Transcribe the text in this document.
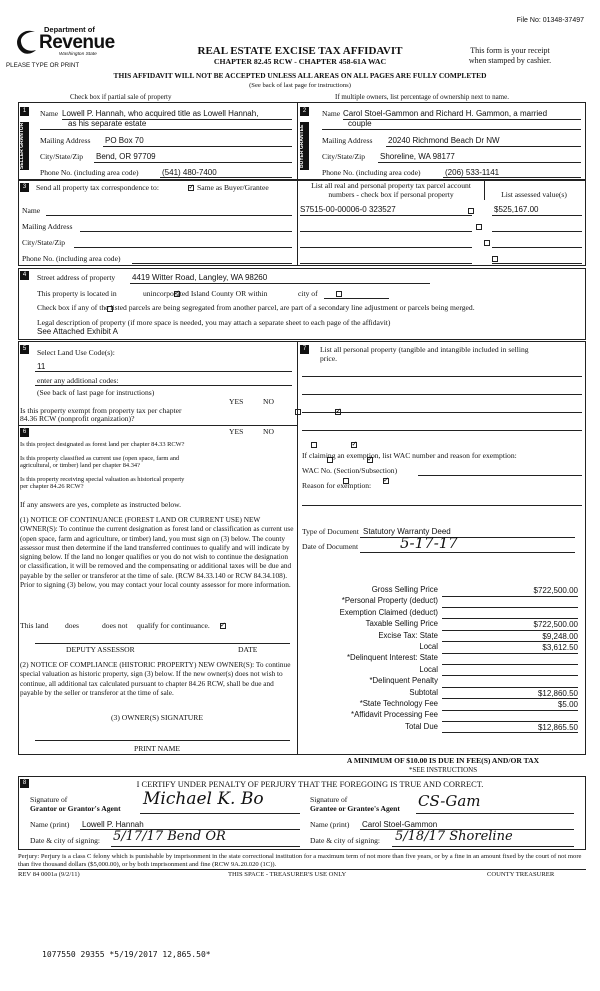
File No: 01348-37497
Department of
Revenue
Washington State
PLEASE TYPE OR PRINT
REAL ESTATE EXCISE TAX AFFIDAVIT
CHAPTER 82.45 RCW - CHAPTER 458-61A WAC
This form is your receipt
when stamped by cashier.
THIS AFFIDAVIT WILL NOT BE ACCEPTED UNLESS ALL AREAS ON ALL PAGES ARE FULLY COMPLETED
(See back of last page for instructions)
Check box if partial sale of property	If multiple owners, list percentage of ownership next to name.
1
SELLER GRANTOR
Name Lowell P. Hannah, who acquired title as Lowell Hannah,
as his separate estate
Mailing Address PO Box 70
City/State/Zip Bend, OR 97709
Phone No. (including area code)	(541) 480-7400
2
BUYER GRANTEE
Name Carol Stoel-Gammon and Richard H. Gammon, a married
couple
Mailing Address 20240 Richmond Beach Dr NW
City/State/Zip Shoreline, WA 98177
Phone No. (including area code)	(206) 533-1141
3	Send all property tax correspondence to: ✓	Same as Buyer/Grantee
Name
Mailing Address
City/State/Zip
Phone No. (including area code)
List all real and personal property tax parcel account
numbers - check box if personal property	List assessed value(s)
S7515-00-00006-0 323527
	$525,167.00

4	Street address of property 4419 Witter Road, Langley, WA 98260
This property is located in ✓	unincorporated Island County OR within
	city of

Check box if any of the listed parcels are being segregated from another parcel, are part of a secondary line adjustment or parcels being merged.
Legal description of property (if more space is needed, you may attach a separate sheet to each page of the affidavit)
See Attached Exhibit A
5	Select Land Use Code(s):
11
enter any additional codes:
(See back of last page for instructions)
YES	NO
Is this property exempt from property tax per chapter
84.36 RCW (nonprofit organization)?
✓
6	YES	NO
Is this project designated as forest land per chapter 84.33 RCW?
✓
Is this property classified as current use (open space, farm and
agricultural, or timber) land per chapter 84.34?
✓
Is this property receiving special valuation as historical property
per chapter 84.26 RCW?
✓
If any answers are yes, complete as instructed below.
(1) NOTICE OF CONTINUANCE (FOREST LAND OR CURRENT USE) NEW OWNER(S): To continue the current designation as forest land or classification as current use (open space, farm and agriculture, or timber) land, you must sign on (3) below. The county assessor must then determine if the land transferred continues to qualify and will indicate by signing below. If the land no longer qualifies or you do not wish to continue the designation or classification, it will be removed and the compensating or additional taxes will be due and payable by the seller or transferor at the time of sale. (RCW 84.33.140 or RCW 84.34.108). Prior to signing (3) below, you may contact your local county assessor for more information.
This land does ✓	does not qualify for continuance.
DEPUTY ASSESSOR	DATE
(2) NOTICE OF COMPLIANCE (HISTORIC PROPERTY) NEW OWNER(S): To continue special valuation as historic property, sign (3) below. If the new owner(s) does not wish to continue, all additional tax calculated pursuant to chapter 84.26 RCW, shall be due and payable by the seller or transferor at the time of sale.
(3) OWNER(S) SIGNATURE
PRINT NAME
7	List all personal property (tangible and intangible included in selling
price.
If claiming an exemption, list WAC number and reason for exemption:
WAC No. (Section/Subsection)
Reason for exemption:
Type of Document Statutory Warranty Deed
Date of Document	5-17-17
Gross Selling Price	$722,500.00
*Personal Property (deduct)
Exemption Claimed (deduct)
Taxable Selling Price	$722,500.00
Excise Tax: State	$9,248.00
Local	$3,612.50
*Delinquent Interest: State
Local
*Delinquent Penalty
Subtotal	$12,860.50
*State Technology Fee	$5.00
*Affidavit Processing Fee
Total Due	$12,865.50
A MINIMUM OF $10.00 IS DUE IN FEE(S) AND/OR TAX
*SEE INSTRUCTIONS
8	I CERTIFY UNDER PENALTY OF PERJURY THAT THE FOREGOING IS TRUE AND CORRECT.
Signature of
Grantor or Grantor's Agent Michael K. Bo	Signature of
Grantee or Grantee's Agent CS-Gam
Name (print) Lowell P. Hannah	Name (print) Carol Stoel-Gammon
Date & city of signing: 5/17/17 Bend OR	Date & city of signing: 5/18/17 Shoreline
Perjury: Perjury is a class C felony which is punishable by imprisonment in the state correctional institution for a maximum term of not more than five years, or by a fine in an amount fixed by the court of not more than five thousand dollars ($5,000.00), or by both imprisonment and fine (RCW 9A.20.020 (1C)).
REV 84 0001a (9/2/11)	THIS SPACE - TREASURER'S USE ONLY	COUNTY TREASURER
1077550 29355 *5/19/2017 12,865.50*
